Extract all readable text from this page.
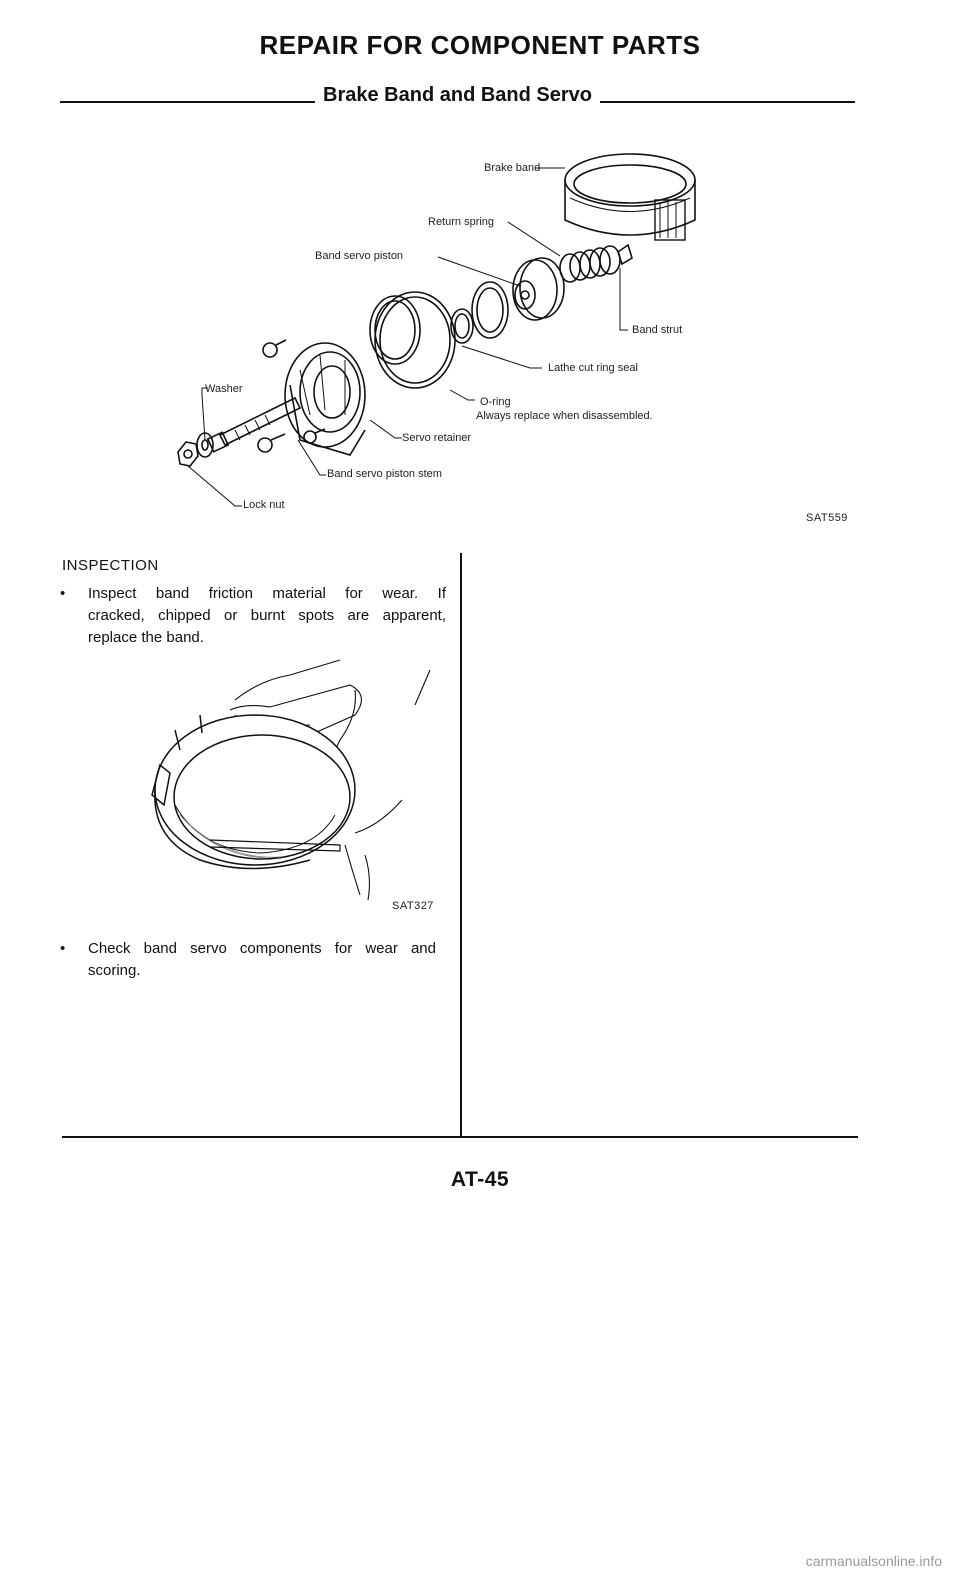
REPAIR FOR COMPONENT PARTS
Brake Band and Band Servo
Brake band
Return spring
Band servo piston
Band strut
Lathe cut ring seal
O-ring
Always replace when disassembled.
Washer
Servo retainer
Band servo piston stem
Lock nut
SAT559
INSPECTION
• Inspect band friction material for wear. If
cracked, chipped or burnt spots are apparent,
replace the band.
SAT327
• Check band servo components for wear and
scoring.
AT-45
carmanualsonline.info
